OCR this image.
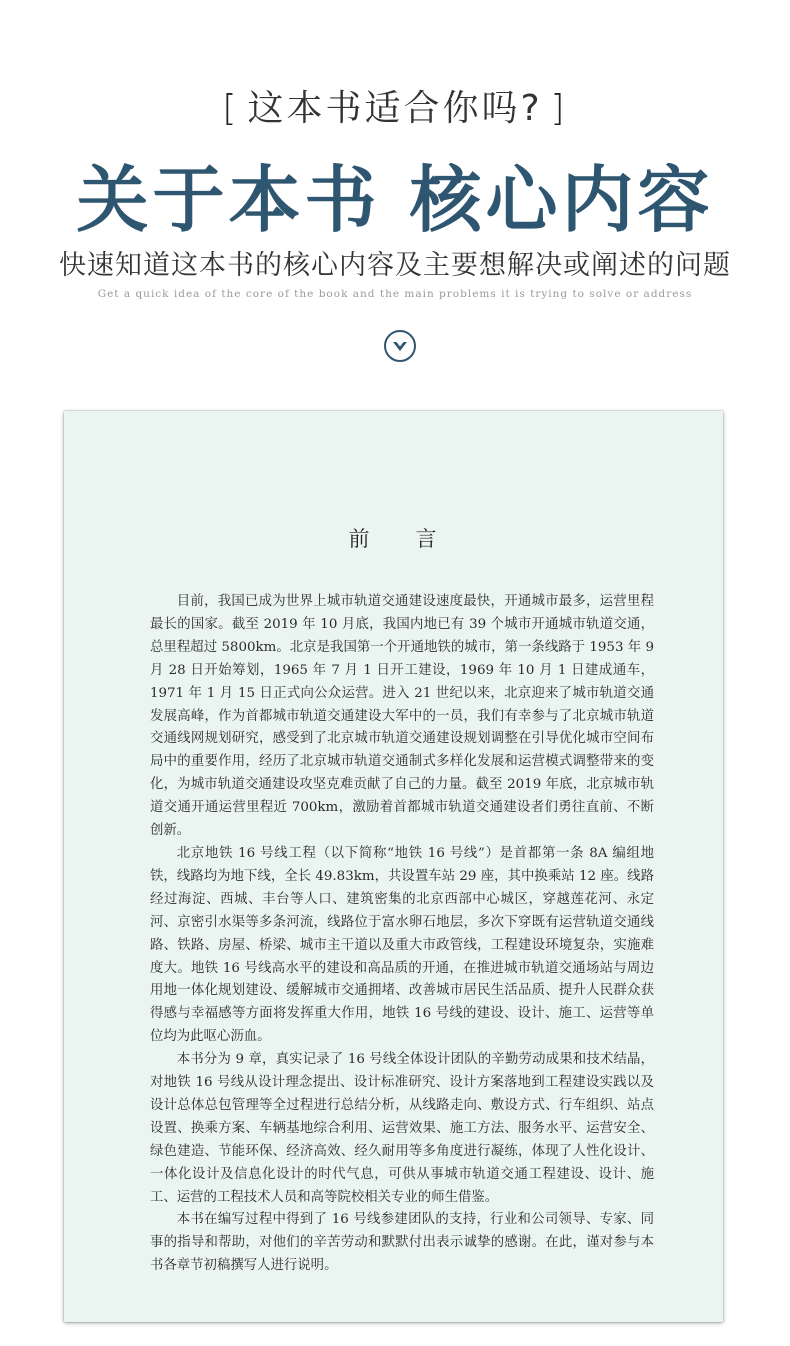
[ 这本书适合你吗? ]
关于本书 核心内容
快速知道这本书的核心内容及主要想解决或阐述的问题
Get a quick idea of the core of the book and the main problems it is trying to solve or address
前 言

目前，我国已成为世界上城市轨道交通建设速度最快，开通城市最多，运营里程最长的国家。截至 2019 年 10 月底，我国内地已有 39 个城市开通城市轨道交通，总里程超过 5800km。北京是我国第一个开通地铁的城市，第一条线路于 1953 年 9 月 28 日开始筹划，1965 年 7 月 1 日开工建设，1969 年 10 月 1 日建成通车，1971 年 1 月 15 日正式向公众运营。进入 21 世纪以来，北京迎来了城市轨道交通发展高峰，作为首都城市轨道交通建设大军中的一员，我们有幸参与了北京城市轨道交通线网规划研究，感受到了北京城市轨道交通建设规划调整在引导优化城市空间布局中的重要作用，经历了北京城市轨道交通制式多样化发展和运营模式调整带来的变化，为城市轨道交通建设攻坚克难贡献了自己的力量。截至 2019 年底，北京城市轨道交通开通运营里程近 700km，激励着首都城市轨道交通建设者们勇往直前、不断创新。

北京地铁 16 号线工程（以下简称“地铁 16 号线”）是首都第一条 8A 编组地铁，线路均为地下线，全长 49.83km，共设置车站 29 座，其中换乘站 12 座。线路经过海淀、西城、丰台等人口、建筑密集的北京西部中心城区，穿越莲花河、永定河、京密引水渠等多条河流，线路位于富水卵石地层，多次下穿既有运营轨道交通线路、铁路、房屋、桥梁、城市主干道以及重大市政管线，工程建设环境复杂，实施难度大。地铁 16 号线高水平的建设和高品质的开通，在推进城市轨道交通场站与周边用地一体化规划建设、缓解城市交通拥堵、改善城市居民生活品质、提升人民群众获得感与幸福感等方面将发挥重大作用，地铁 16 号线的建设、设计、施工、运营等单位均为此呕心沥血。

本书分为 9 章，真实记录了 16 号线全体设计团队的辛勤劳动成果和技术结晶，对地铁 16 号线从设计理念提出、设计标准研究、设计方案落地到工程建设实践以及设计总体总包管理等全过程进行总结分析，从线路走向、敷设方式、行车组织、站点设置、换乘方案、车辆基地综合利用、运营效果、施工方法、服务水平、运营安全、绿色建造、节能环保、经济高效、经久耐用等多角度进行凝练，体现了人性化设计、一体化设计及信息化设计的时代气息，可供从事城市轨道交通工程建设、设计、施工、运营的工程技术人员和高等院校相关专业的师生借鉴。

本书在编写过程中得到了 16 号线参建团队的支持，行业和公司领导、专家、同事的指导和帮助，对他们的辛苦劳动和默默付出表示诚挚的感谢。在此，谨对参与本书各章节初稿撰写人进行说明。
